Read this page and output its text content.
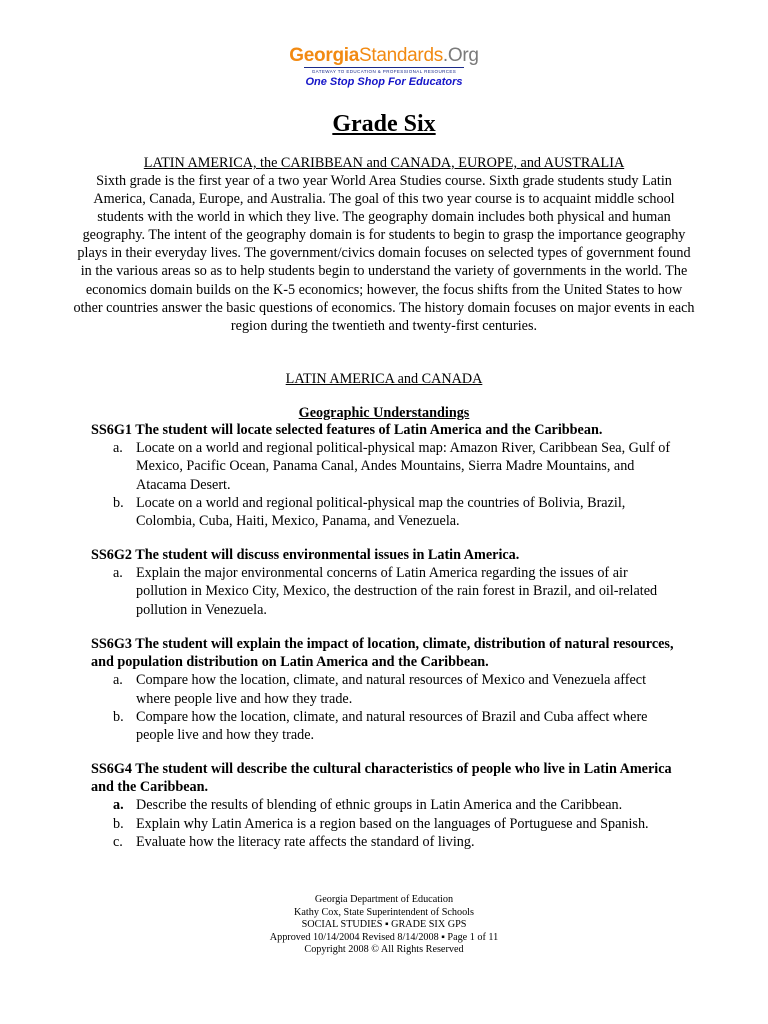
GeorgiaStandards.Org
GATEWAY TO EDUCATION & PROFESSIONAL RESOURCES
One Stop Shop For Educators
Grade Six
LATIN AMERICA, the CARIBBEAN and CANADA, EUROPE, and AUSTRALIA
Sixth grade is the first year of a two year World Area Studies course. Sixth grade students study Latin America, Canada, Europe, and Australia. The goal of this two year course is to acquaint middle school students with the world in which they live. The geography domain includes both physical and human geography. The intent of the geography domain is for students to begin to grasp the importance geography plays in their everyday lives. The government/civics domain focuses on selected types of government found in the various areas so as to help students begin to understand the variety of governments in the world. The economics domain builds on the K-5 economics; however, the focus shifts from the United States to how other countries answer the basic questions of economics. The history domain focuses on major events in each region during the twentieth and twenty-first centuries.
LATIN AMERICA and CANADA
Geographic Understandings
SS6G1 The student will locate selected features of Latin America and the Caribbean.
a. Locate on a world and regional political-physical map: Amazon River, Caribbean Sea, Gulf of Mexico, Pacific Ocean, Panama Canal, Andes Mountains, Sierra Madre Mountains, and Atacama Desert.
b. Locate on a world and regional political-physical map the countries of Bolivia, Brazil, Colombia, Cuba, Haiti, Mexico, Panama, and Venezuela.
SS6G2 The student will discuss environmental issues in Latin America.
a. Explain the major environmental concerns of Latin America regarding the issues of air pollution in Mexico City, Mexico, the destruction of the rain forest in Brazil, and oil-related pollution in Venezuela.
SS6G3 The student will explain the impact of location, climate, distribution of natural resources, and population distribution on Latin America and the Caribbean.
a. Compare how the location, climate, and natural resources of Mexico and Venezuela affect where people live and how they trade.
b. Compare how the location, climate, and natural resources of Brazil and Cuba affect where people live and how they trade.
SS6G4 The student will describe the cultural characteristics of people who live in Latin America and the Caribbean.
a. Describe the results of blending of ethnic groups in Latin America and the Caribbean.
b. Explain why Latin America is a region based on the languages of Portuguese and Spanish.
c. Evaluate how the literacy rate affects the standard of living.
Georgia Department of Education
Kathy Cox, State Superintendent of Schools
SOCIAL STUDIES ▪ GRADE SIX GPS
Approved 10/14/2004 Revised 8/14/2008 ▪ Page 1 of 11
Copyright 2008 © All Rights Reserved
